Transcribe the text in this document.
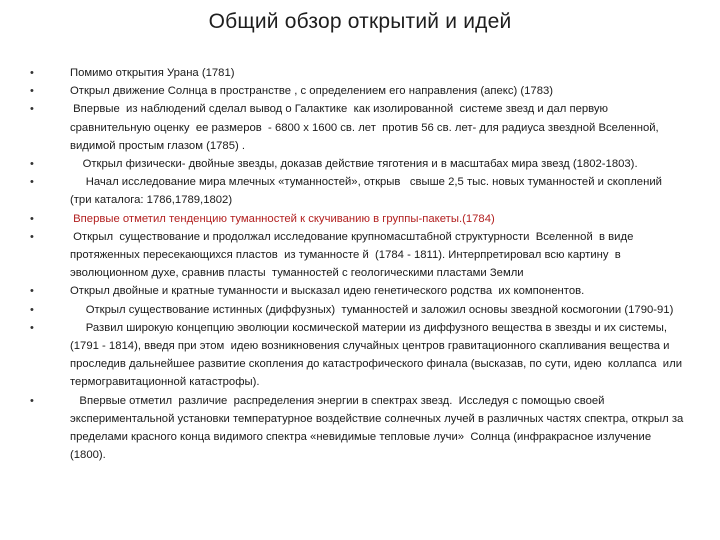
Общий обзор открытий и идей
• Помимо открытия Урана (1781)
• Открыл движение Солнца в пространстве , с определением его направления (апекс) (1783)
•  Впервые  из наблюдений сделал вывод о Галактике  как изолированной  системе звезд и дал первую сравнительную оценку  ее размеров  - 6800 х 1600 св. лет  против 56 св. лет- для радиуса звездной Вселенной, видимой простым глазом (1785) .
•     Открыл физически- двойные звезды, доказав действие тяготения и в масштабах мира звезд (1802-1803).
•      Начал исследование мира млечных «туманностей», открыв   свыше 2,5 тыс. новых туманностей и скоплений (три каталога: 1786,1789,1802)
•  Впервые отметил тенденцию туманностей к скучиванию в группы-пакеты.(1784)
•  Открыл  существование и продолжал исследование крупномасштабной структурности  Вселенной  в виде протяженных пересекающихся пластов  из туманносте й  (1784 - 1811). Интерпретировал всю картину  в эволюционном духе, сравнив пласты  туманностей с геологическими пластами Земли
• Открыл двойные и кратные туманности и высказал идею генетического родства  их компонентов.
•      Открыл существование истинных (диффузных)  туманностей и заложил основы звездной космогонии (1790-91)
•      Развил широкую концепцию эволюции космической материи из диффузного вещества в звезды и их системы,   (1791 - 1814), введя при этом  идею возникновения случайных центров гравитационного скапливания вещества и проследив дальнейшее развитие скопления до катастрофического финала (высказав, по сути, идею  коллапса  или  термогравитационной катастрофы).
•    Впервые отметил  различие  распределения энергии в спектрах звезд.  Исследуя с помощью своей экспериментальной установки температурное воздействие солнечных лучей в различных частях спектра, открыл за пределами красного конца видимого спектра «невидимые тепловые лучи»  Солнца (инфракрасное излучение (1800).
